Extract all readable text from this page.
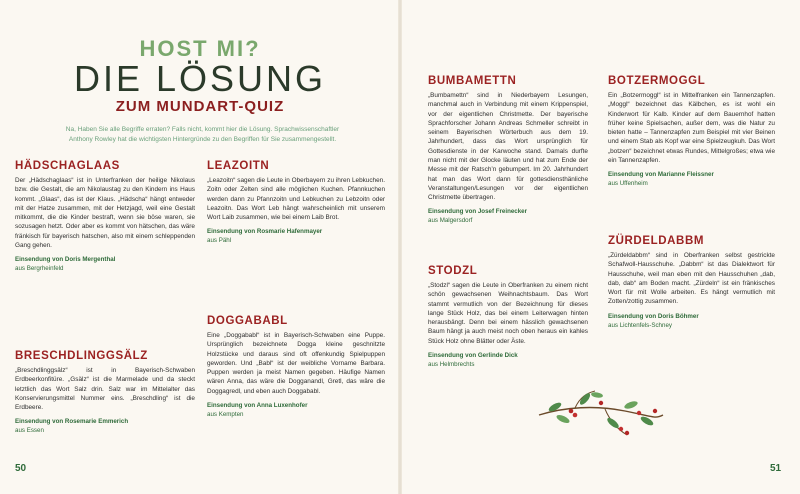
HOST MI?
DIE LÖSUNG
ZUM MUNDART-QUIZ
Na, Haben Sie alle Begriffe erraten? Falls nicht, kommt hier die Lösung. Sprachwissenschaftler Anthony Rowley hat die wichtigsten Hintergründe zu den Begriffen für Sie zusammengestellt.
HÄDSCHAGLAAS
Der „Hädschaglaas“ ist in Unterfranken der heilige Nikolaus bzw. die Gestalt, die am Nikolaustag zu den Kindern ins Haus kommt. „Glaas“, das ist der Klaus. „Hädscha“ hängt entweder mit der Hatze zusammen, mit der Hetzjagd, weil eine Gestalt mitkommt, die die Kinder bestraft, wenn sie böse waren, sie sozusagen hetzt. Oder aber es kommt von hätschen, das wäre fränkisch für bayerisch hatschen, also mit einem schleppenden Gang gehen.
Einsendung von Doris Mergenthal
aus Bergrheinfeld
BRESCHDLINGGSÄLZ
„Breschdlinggsälz“ ist in Bayerisch-Schwaben Erdbeerkonfitüre. „Gsälz“ ist die Marmelade und da steckt letztlich das Wort Salz drin. Salz war im Mittelalter das Konservierungsmittel Nummer eins. „Breschdling“ ist die Erdbeere.
Einsendung von Rosemarie Emmerich
aus Essen
LEAZOITN
„Leazoitn“ sagen die Leute in Oberbayern zu ihren Lebkuchen. Zoitn oder Zelten sind alle möglichen Kuchen. Pfannkuchen werden dann zu Pfannzoitn und Lebkuchen zu Lebzoitn oder Leazoitn. Das Wort Leb hängt wahrscheinlich mit unserem Wort Laib zusammen, wie bei einem Laib Brot.
Einsendung von Rosmarie Hafenmayer
aus Pähl
DOGGABABL
Eine „Doggababl“ ist in Bayerisch-Schwaben eine Puppe. Ursprünglich bezeichnete Dogga kleine geschnitzte Holzstücke und daraus sind oft offenkundig Spielpuppen geworden. Und „Babl“ ist der weibliche Vorname Barbara. Puppen werden ja meist Namen gegeben. Häufige Namen wären Anna, das wäre die Dogganandl, Gretl, das wäre die Doggagredl, und eben auch Doggababl.
Einsendung von Anna Luxenhofer
aus Kempten
BUMBAMETTN
„Bumbamettn“ sind in Niederbayern Lesungen, manchmal auch in Verbindung mit einem Krippenspiel, vor der eigentlichen Christmette. Der bayerische Sprachforscher Johann Andreas Schmeller schreibt in seinem Bayerischen Wörterbuch aus dem 19. Jahrhundert, dass das Wort ursprünglich für Gottesdienste in der Karwoche stand. Damals durfte man nicht mit der Glocke läuten und hat zum Ende der Messe mit der Ratsch’n gebumpert. Im 20. Jahrhundert hat man das Wort dann für gottesdiensthänliche Veranstaltungen/Lesungen vor der eigentlichen Christmette übertragen.
Einsendung von Josef Freinecker
aus Malgersdorf
STODZL
„Stodzl“ sagen die Leute in Oberfranken zu einem nicht schön gewachsenen Weihnachtsbaum. Das Wort stammt vermutlich von der Bezeichnung für dieses lange Stück Holz, das bei einem Leiterwagen hinten herausbängt. Denn bei einem hässlich gewachsenen Baum hängt ja auch meist noch oben heraus ein kahles Stück Holz ohne Blätter oder Äste.
Einsendung von Gerlinde Dick
aus Helmbrechts
BOTZERMOGGL
Ein „Botzermoggl“ ist in Mittelfranken ein Tannenzapfen. „Moggl“ bezeichnet das Kälbchen, es ist wohl ein Kinderwort für Kalb. Kinder auf dem Bauernhof hatten früher keine Spielsachen, außer dem, was die Natur zu bieten hatte – Tannenzapfen zum Beispiel mit vier Beinen und einem Stab als Kopf war eine Spielzeugkuh. Das Wort „botzen“ bezeichnet etwas Rundes, Mittelgroßes; etwa wie ein Tannenzapfen.
Einsendung von Marianne Fleissner
aus Uffenheim
ZÜRDELDABBM
„Zürdeldabbm“ sind in Oberfranken selbst gestrickte Schafwoll-Hausschuhe. „Dabbm“ ist das Dialektwort für Hausschuhe, weil man eben mit den Hausschuhen „dab, dab, dab“ am Boden macht. „Zürdeln“ ist ein fränkisches Wort für mit Wolle arbeiten. Es hängt vermutlich mit Zotten/zottig zusammen.
Einsendung von Doris Böhmer
aus Lichtenfels-Schney
50	51
